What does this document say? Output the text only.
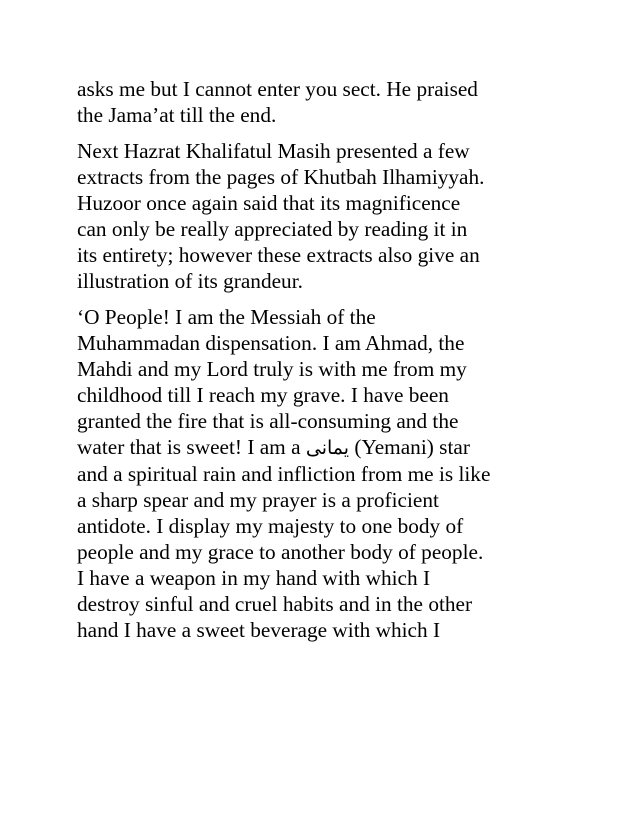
asks me but I cannot enter you sect. He praised
the Jama’at till the end.

Next Hazrat Khalifatul Masih presented a few
extracts from the pages of Khutbah Ilhamiyyah.
Huzoor once again said that its magnificence
can only be really appreciated by reading it in
its entirety; however these extracts also give an
illustration of its grandeur.

‘O People! I am the Messiah of the
Muhammadan dispensation. I am Ahmad, the
Mahdi and my Lord truly is with me from my
childhood till I reach my grave. I have been
granted the fire that is all-consuming and the
water that is sweet! I am a يمانی (Yemani) star
and a spiritual rain and infliction from me is like
a sharp spear and my prayer is a proficient
antidote. I display my majesty to one body of
people and my grace to another body of people.
I have a weapon in my hand with which I
destroy sinful and cruel habits and in the other
hand I have a sweet beverage with which I
